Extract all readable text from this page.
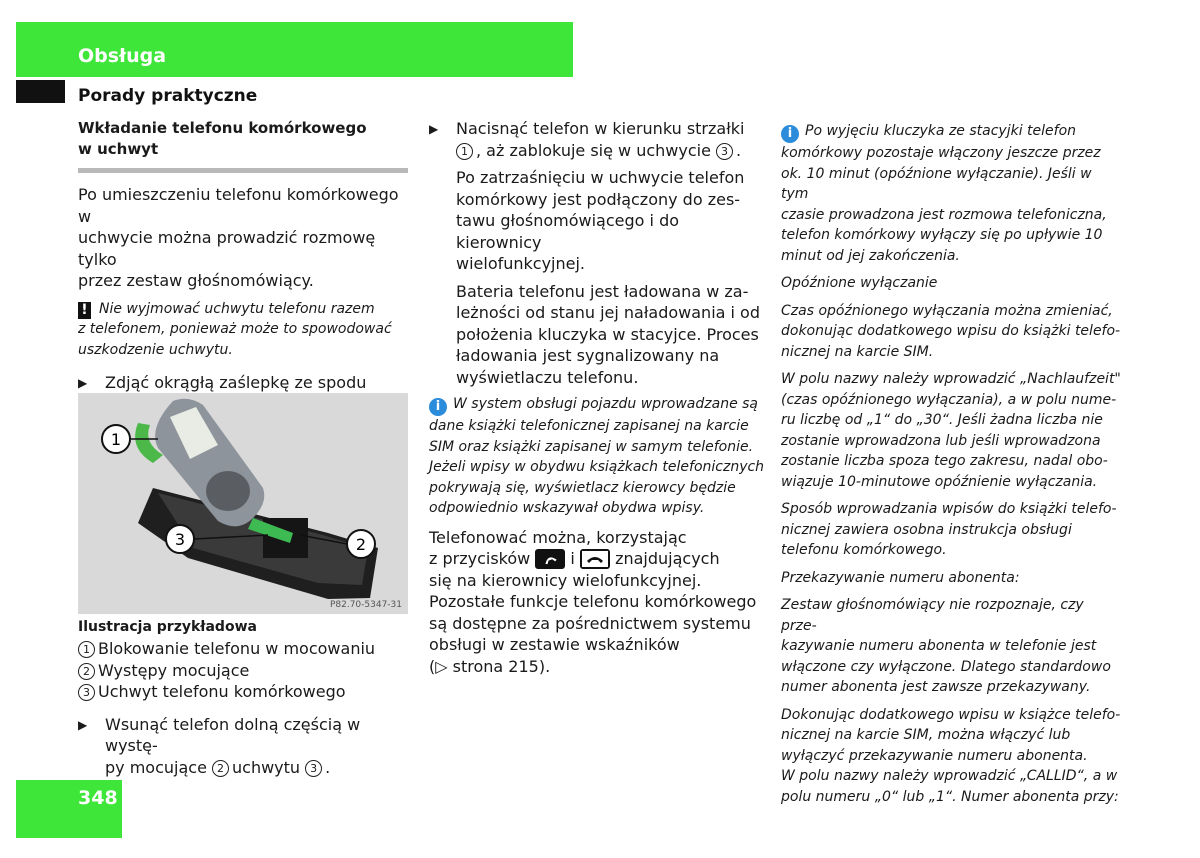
Obsługa
Porady praktyczne
Wkładanie telefonu komórkowego
w uchwyt

Po umieszczeniu telefonu komórkowego w
uchwycie można prowadzić rozmowę tylko
przez zestaw głośnomówiący.

! Nie wyjmować uchwytu telefonu razem
z telefonem, ponieważ może to spowodować
uszkodzenie uchwytu.

▶	Zdjąć okrągłą zaślepkę ze spodu

1
3	2
P82.70-5347-31
Ilustracja przykładowa
1 Blokowanie telefonu w mocowaniu
2 Występy mocujące
3 Uchwyt telefonu komórkowego
▶	Wsunąć telefon dolną częścią w wystę-
py mocujące 2 uchwytu 3 .
▶	Nacisnąć telefon w kierunku strzałki
1 , aż zablokuje się w uchwycie 3 .

Po zatrzaśnięciu w uchwycie telefon
komórkowy jest podłączony do zes-
tawu głośnomówiącego i do kierownicy
wielofunkcyjnej.

Bateria telefonu jest ładowana w za-
leżności od stanu jej naładowania i od
położenia kluczyka w stacyjce. Proces
ładowania jest sygnalizowany na
wyświetlaczu telefonu.

i W system obsługi pojazdu wprowadzane są
dane książki telefonicznej zapisanej na karcie
SIM oraz książki zapisanej w samym telefonie.
Jeżeli wpisy w obydwu książkach telefonicznych
pokrywają się, wyświetlacz kierowcy będzie
odpowiednio wskazywał obydwa wpisy.

Telefonować można, korzystając
z przycisków	i	znajdujących
się na kierownicy wielofunkcyjnej.
Pozostałe funkcje telefonu komórkowego
są dostępne za pośrednictwem systemu
obsługi w zestawie wskaźników
(▷ strona 215).

i Po wyjęciu kluczyka ze stacyjki telefon
komórkowy pozostaje włączony jeszcze przez
ok. 10 minut (opóźnione wyłączanie). Jeśli w tym
czasie prowadzona jest rozmowa telefoniczna,
telefon komórkowy wyłączy się po upływie 10
minut od jej zakończenia.

Opóźnione wyłączanie

Czas opóźnionego wyłączania można zmieniać,
dokonując dodatkowego wpisu do książki telefo-
nicznej na karcie SIM.

W polu nazwy należy wprowadzić „Nachlaufzeit"
(czas opóźnionego wyłączania), a w polu nume-
ru liczbę od „1“ do „30“. Jeśli żadna liczba nie
zostanie wprowadzona lub jeśli wprowadzona
zostanie liczba spoza tego zakresu, nadal obo-
wiązuje 10-minutowe opóźnienie wyłączania.

Sposób wprowadzania wpisów do książki telefo-
nicznej zawiera osobna instrukcja obsługi
telefonu komórkowego.

Przekazywanie numeru abonenta:

Zestaw głośnomówiący nie rozpoznaje, czy prze-
kazywanie numeru abonenta w telefonie jest
włączone czy wyłączone. Dlatego standardowo
numer abonenta jest zawsze przekazywany.

Dokonując dodatkowego wpisu w książce telefo-
nicznej na karcie SIM, można włączyć lub
wyłączyć przekazywanie numeru abonenta.
W polu nazwy należy wprowadzić „CALLID“, a w
polu numeru „0“ lub „1“. Numer abonenta przy:

348
